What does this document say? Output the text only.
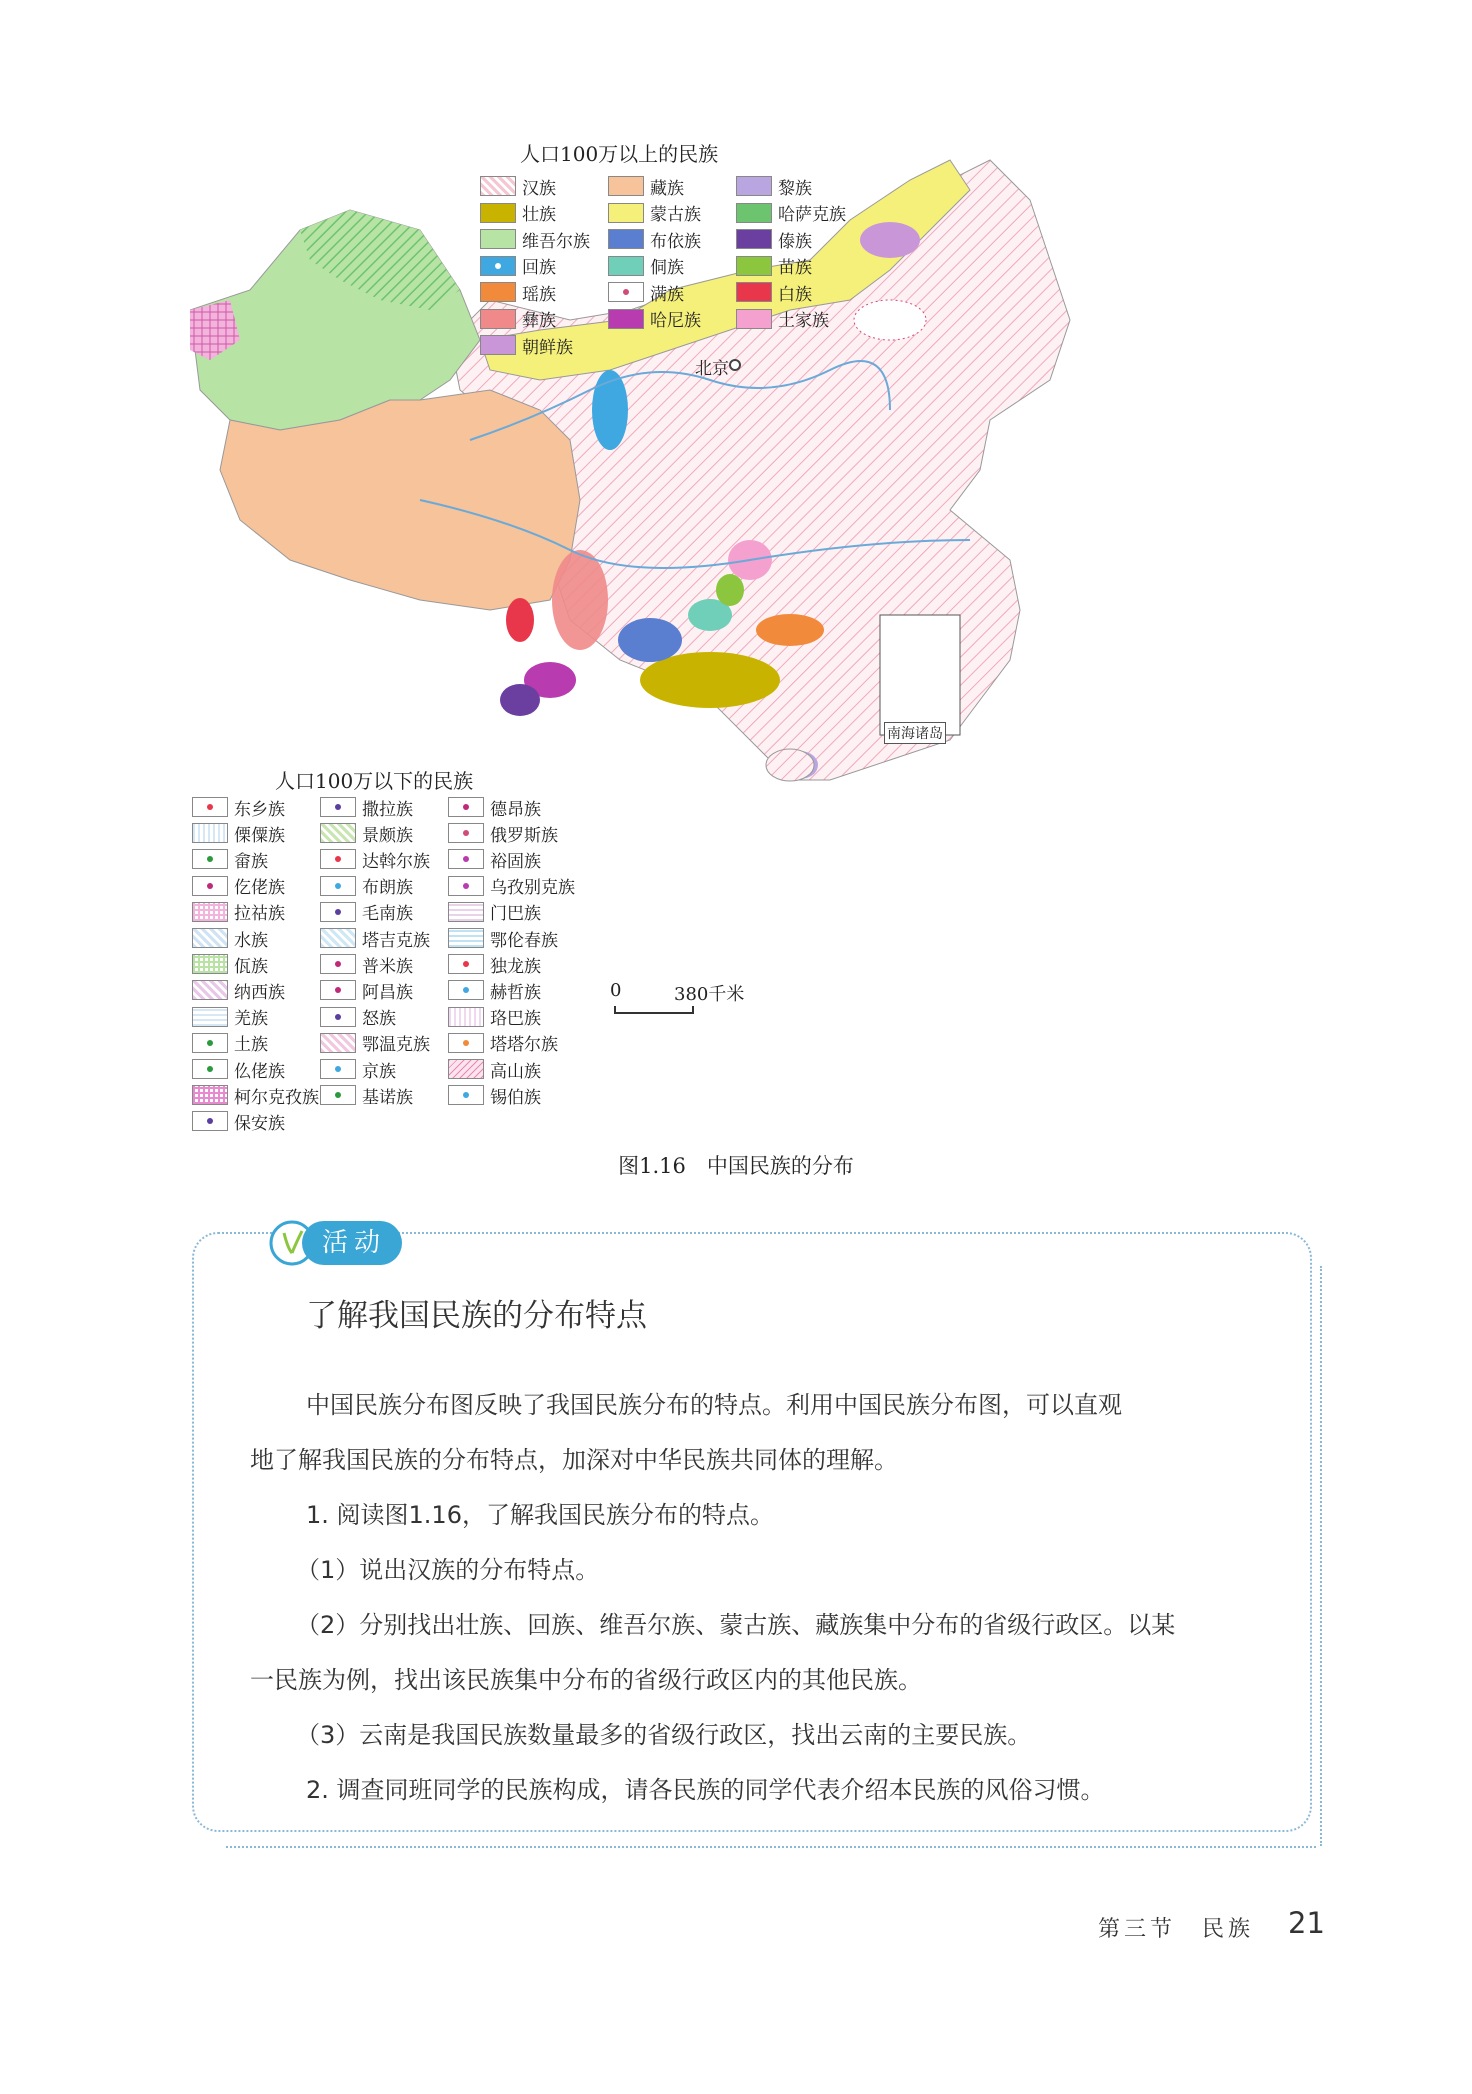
人口100万以上的民族
汉族	藏族	黎族
壮族	蒙古族	哈萨克族
维吾尔族	布依族	傣族
回族	侗族	苗族
瑶族	满族	白族
彝族	哈尼族	土家族
朝鲜族
人口100万以下的民族
东乡族	撒拉族	德昂族
傈僳族	景颇族	俄罗斯族
畲族	达斡尔族	裕固族
仡佬族	布朗族	乌孜别克族
拉祜族	毛南族	门巴族
水族	塔吉克族	鄂伦春族
佤族	普米族	独龙族
纳西族	阿昌族	赫哲族
羌族	怒族	珞巴族
土族	鄂温克族	塔塔尔族
仫佬族	京族	高山族
柯尔克孜族	基诺族	锡伯族
保安族
北京
0	380千米
南海诸岛
图1.16　中国民族的分布
活动
了解我国民族的分布特点
中国民族分布图反映了我国民族分布的特点。利用中国民族分布图，可以直观
地了解我国民族的分布特点，加深对中华民族共同体的理解。
1. 阅读图1.16，了解我国民族分布的特点。
（1）说出汉族的分布特点。
（2）分别找出壮族、回族、维吾尔族、蒙古族、藏族集中分布的省级行政区。以某
一民族为例，找出该民族集中分布的省级行政区内的其他民族。
（3）云南是我国民族数量最多的省级行政区，找出云南的主要民族。
2. 调查同班同学的民族构成，请各民族的同学代表介绍本民族的风俗习惯。
第三节　民族 21
